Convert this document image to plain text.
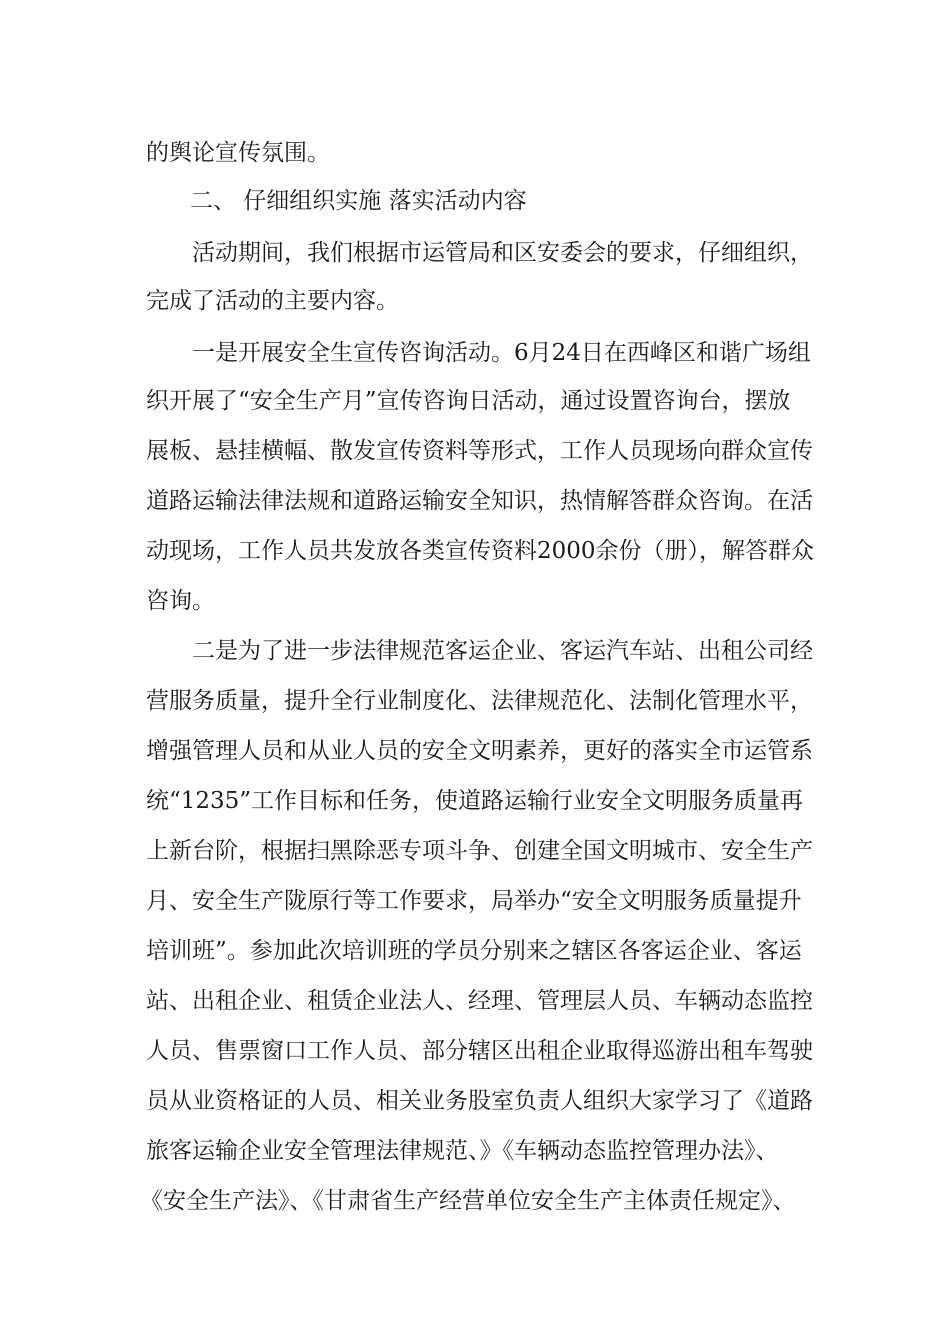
的舆论宣传氛围。

二、 仔细组织实施 落实活动内容

活动期间，我们根据市运管局和区安委会的要求，仔细组织，

完成了活动的主要内容。

一是开展安全生宣传咨询活动。6月24日在西峰区和谐广场组

织开展了“安全生产月”宣传咨询日活动，通过设置咨询台，摆放

展板、悬挂横幅、散发宣传资料等形式，工作人员现场向群众宣传

道路运输法律法规和道路运输安全知识，热情解答群众咨询。在活

动现场，工作人员共发放各类宣传资料2000余份（册），解答群众

咨询。

二是为了进一步法律规范客运企业、客运汽车站、出租公司经

营服务质量，提升全行业制度化、法律规范化、法制化管理水平，

增强管理人员和从业人员的安全文明素养，更好的落实全市运管系

统“1235”工作目标和任务，使道路运输行业安全文明服务质量再

上新台阶，根据扫黑除恶专项斗争、创建全国文明城市、安全生产

月、安全生产陇原行等工作要求，局举办“安全文明服务质量提升

培训班”。参加此次培训班的学员分别来之辖区各客运企业、客运

站、出租企业、租赁企业法人、经理、管理层人员、车辆动态监控

人员、售票窗口工作人员、部分辖区出租企业取得巡游出租车驾驶

员从业资格证的人员、相关业务股室负责人组织大家学习了《道路

旅客运输企业安全管理法律规范、》《车辆动态监控管理办法》、

《安全生产法》、《甘肃省生产经营单位安全生产主体责任规定》、
